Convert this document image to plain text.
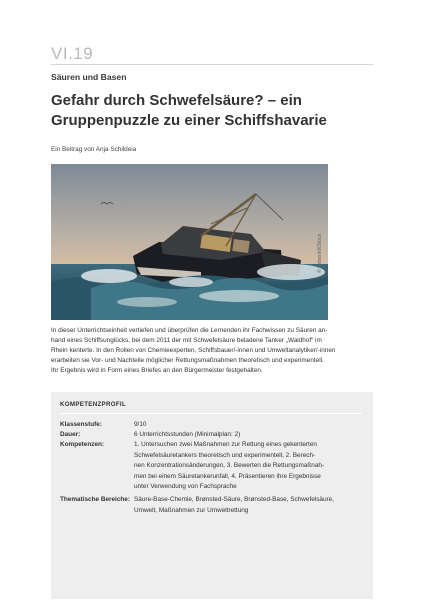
VI.19
Säuren und Basen
Gefahr durch Schwefelsäure? – ein
Gruppenpuzzle zu einer Schiffshavarie
Ein Beitrag von Anja Schildeia
© Esbenkl/iStock
In dieser Unterrichtseinheit vertiefen und überprüfen die Lernenden ihr Fachwissen zu Säuren an-
hand eines Schiffsunglücks, bei dem 2011 der mit Schwefelsäure beladene Tanker „Waldhof“ im
Rhein kenterte. In den Rollen von Chemieexperten, Schiffsbauer/-innen und Umweltanalytiker/-innen
erarbeiten sie Vor- und Nachteile möglicher Rettungsmaßnahmen theoretisch und experimentell.
Ihr Ergebnis wird in Form eines Briefes an den Bürgermeister festgehalten.
KOMPETENZPROFIL
Klassenstufe:	9/10
Dauer:	6 Unterrichtsstunden (Minimalplan: 2)
Kompetenzen:	1. Untersuchen zwei Maßnahmen zur Rettung eines gekenterten
Schwefelsäuretankers theoretisch und experimentell, 2. Berech-
nen Konzentrationsänderungen, 3. Bewerten die Rettungsmaßnah-
men bei einem Säuretankerunfall, 4. Präsentieren ihre Ergebnisse
unter Verwendung von Fachsprache
Thematische Bereiche: Säure-Base-Chemie, Brønsted-Säure, Brønsted-Base, Schwefelsäure,
Umwelt, Maßnahmen zur Umweltrettung
